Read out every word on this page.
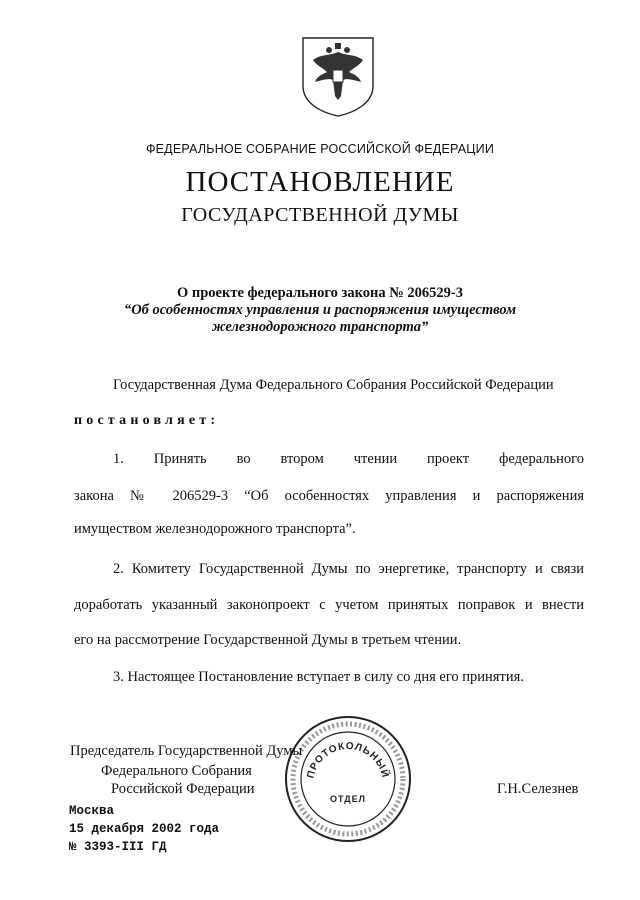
ФЕДЕРАЛЬНОЕ СОБРАНИЕ РОССИЙСКОЙ ФЕДЕРАЦИИ
ПОСТАНОВЛЕНИЕ
ГОСУДАРСТВЕННОЙ ДУМЫ
О проекте федерального закона № 206529-3
“Об особенностях управления и распоряжения имуществом
железнодорожного транспорта”
Государственная Дума Федерального Собрания Российской Федерации
постановляет:
1. Принять во втором чтении проект федерального
закона № 206529-3 “Об особенностях управления и распоряжения
имуществом железнодорожного транспорта”.
2. Комитету Государственной Думы по энергетике, транспорту и связи
доработать указанный законопроект с учетом принятых поправок и внести
его на рассмотрение Государственной Думы в третьем чтении.
3. Настоящее Постановление вступает в силу со дня его принятия.
ПРОТОКОЛЬНЫЙ
ОТДЕЛ
Председатель Государственной Думы
Федерального Собрания
Российской Федерации	Г.Н.Селезнев
Москва
15 декабря 2002 года
№ 3393-III ГД
